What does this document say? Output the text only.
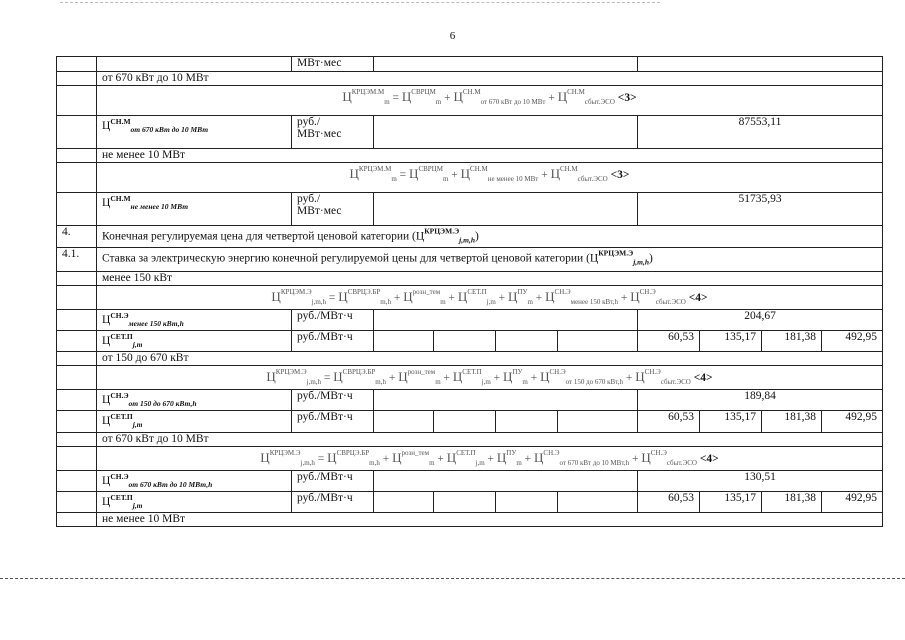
6
		МВт·мес								
	от 670 кВт до 10 МВт									
	$Ц^{КРЦЭМ.М}_m = Ц^{СВРЦМ}_m + Ц^{СН.М}_{от 670 кВт до 10 МВт} + Ц^{СН.М}_{сбыт.ЭСО} <3>$									
	$Ц^{СН.М}_{от 670 кВт до 10 МВт}$	руб./
МВт·мес					87553,11			
	не менее 10 МВт									
	$Ц^{КРЦЭМ.М}_m = Ц^{СВРЦМ}_m + Ц^{СН.М}_{не менее 10 МВт} + Ц^{СН.М}_{сбыт.ЭСО} <3>$									
	$Ц^{СН.М}_{не менее 10 МВт}$	руб./
МВт·мес					51735,93			
4.	Конечная регулируемая цена для четвертой ценовой категории $(Ц^{КРЦЭМ.Э}_{j,m,h})$									
4.1.	Ставка за электрическую энергию конечной регулируемой цены для четвертой ценовой категории $(Ц^{КРЦЭМ.Э}_{j,m,h})$									
	менее 150 кВт									
	$Ц^{КРЦЭМ.Э}_{j,m,h} = Ц^{СВРЦЭ.БР}_{m,h} + Ц^{розн\_тем}_m + Ц^{СЕТ.П}_{j,m} + Ц^{ПУ}_m + Ц^{СН.Э}_{менее 150 кВт,h} + Ц^{СН.Э}_{сбыт.ЭСО} <4>$									
	$Ц^{СН.Э}_{менее 150 кВт,h}$	руб./МВт·ч					204,67			
	$Ц^{СЕТ.П}_{j,m}$	руб./МВт·ч					60,53	135,17	181,38	492,95
	от 150 до 670 кВт									
	$Ц^{КРЦЭМ.Э}_{j,m,h} = Ц^{СВРЦЭ.БР}_{m,h} + Ц^{розн\_тем}_m + Ц^{СЕТ.П}_{j,m} + Ц^{ПУ}_m + Ц^{СН.Э}_{от 150 до 670 кВт,h} + Ц^{СН.Э}_{сбыт.ЭСО} <4>$									
	$Ц^{СН.Э}_{от 150 до 670 кВт,h}$	руб./МВт·ч					189,84			
	$Ц^{СЕТ.П}_{j,m}$	руб./МВт·ч					60,53	135,17	181,38	492,95
	от 670 кВт до 10 МВт									
	$Ц^{КРЦЭМ.Э}_{j,m,h} = Ц^{СВРЦЭ.БР}_{m,h} + Ц^{розн\_тем}_m + Ц^{СЕТ.П}_{j,m} + Ц^{ПУ}_m + Ц^{СН.Э}_{от 670 кВт до 10 МВт,h} + Ц^{СН.Э}_{сбыт.ЭСО} <4>$									
	$Ц^{СН.Э}_{от 670 кВт до 10 МВт,h}$	руб./МВт·ч					130,51			
	$Ц^{СЕТ.П}_{j,m}$	руб./МВт·ч					60,53	135,17	181,38	492,95
	не менее 10 МВт									
